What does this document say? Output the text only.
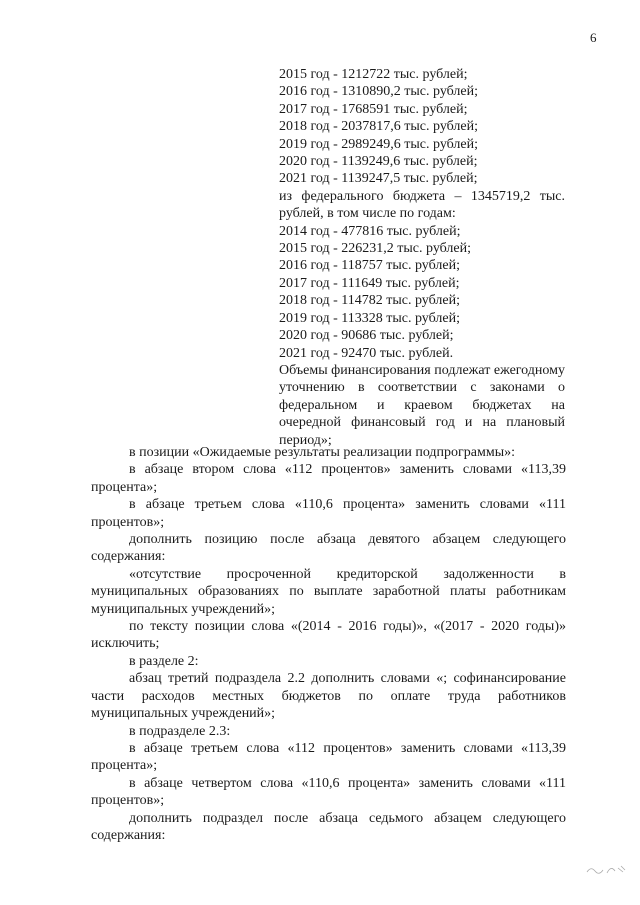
6
2015 год - 1212722 тыс. рублей;
2016 год - 1310890,2 тыс. рублей;
2017 год - 1768591 тыс. рублей;
2018 год - 2037817,6 тыс. рублей;
2019 год - 2989249,6 тыс. рублей;
2020 год - 1139249,6 тыс. рублей;
2021 год - 1139247,5 тыс. рублей;
из федерального бюджета – 1345719,2 тыс.
рублей, в том числе по годам:
2014 год - 477816 тыс. рублей;
2015 год - 226231,2 тыс. рублей;
2016 год - 118757 тыс. рублей;
2017 год - 111649 тыс. рублей;
2018 год - 114782 тыс. рублей;
2019 год - 113328 тыс. рублей;
2020 год - 90686 тыс. рублей;
2021 год - 92470 тыс. рублей.
Объемы финансирования подлежат ежегодному уточнению в соответствии с законами о федеральном и краевом бюджетах на очередной финансовый год и на плановый период»;

в позиции «Ожидаемые результаты реализации подпрограммы»:

в абзаце втором слова «112 процентов» заменить словами «113,39 процента»;

в абзаце третьем слова «110,6 процента» заменить словами «111 процентов»;

дополнить позицию после абзаца девятого абзацем следующего содержания:

«отсутствие просроченной кредиторской задолженности в муниципальных образованиях по выплате заработной платы работникам муниципальных учреждений»;

по тексту позиции слова «(2014 - 2016 годы)», «(2017 - 2020 годы)» исключить;

в разделе 2:

абзац третий подраздела 2.2 дополнить словами «; софинансирование части расходов местных бюджетов по оплате труда работников муниципальных учреждений»;

в подразделе 2.3:

в абзаце третьем слова «112 процентов» заменить словами «113,39 процента»;

в абзаце четвертом слова «110,6 процента» заменить словами «111 процентов»;

дополнить подраздел после абзаца седьмого абзацем следующего содержания:
